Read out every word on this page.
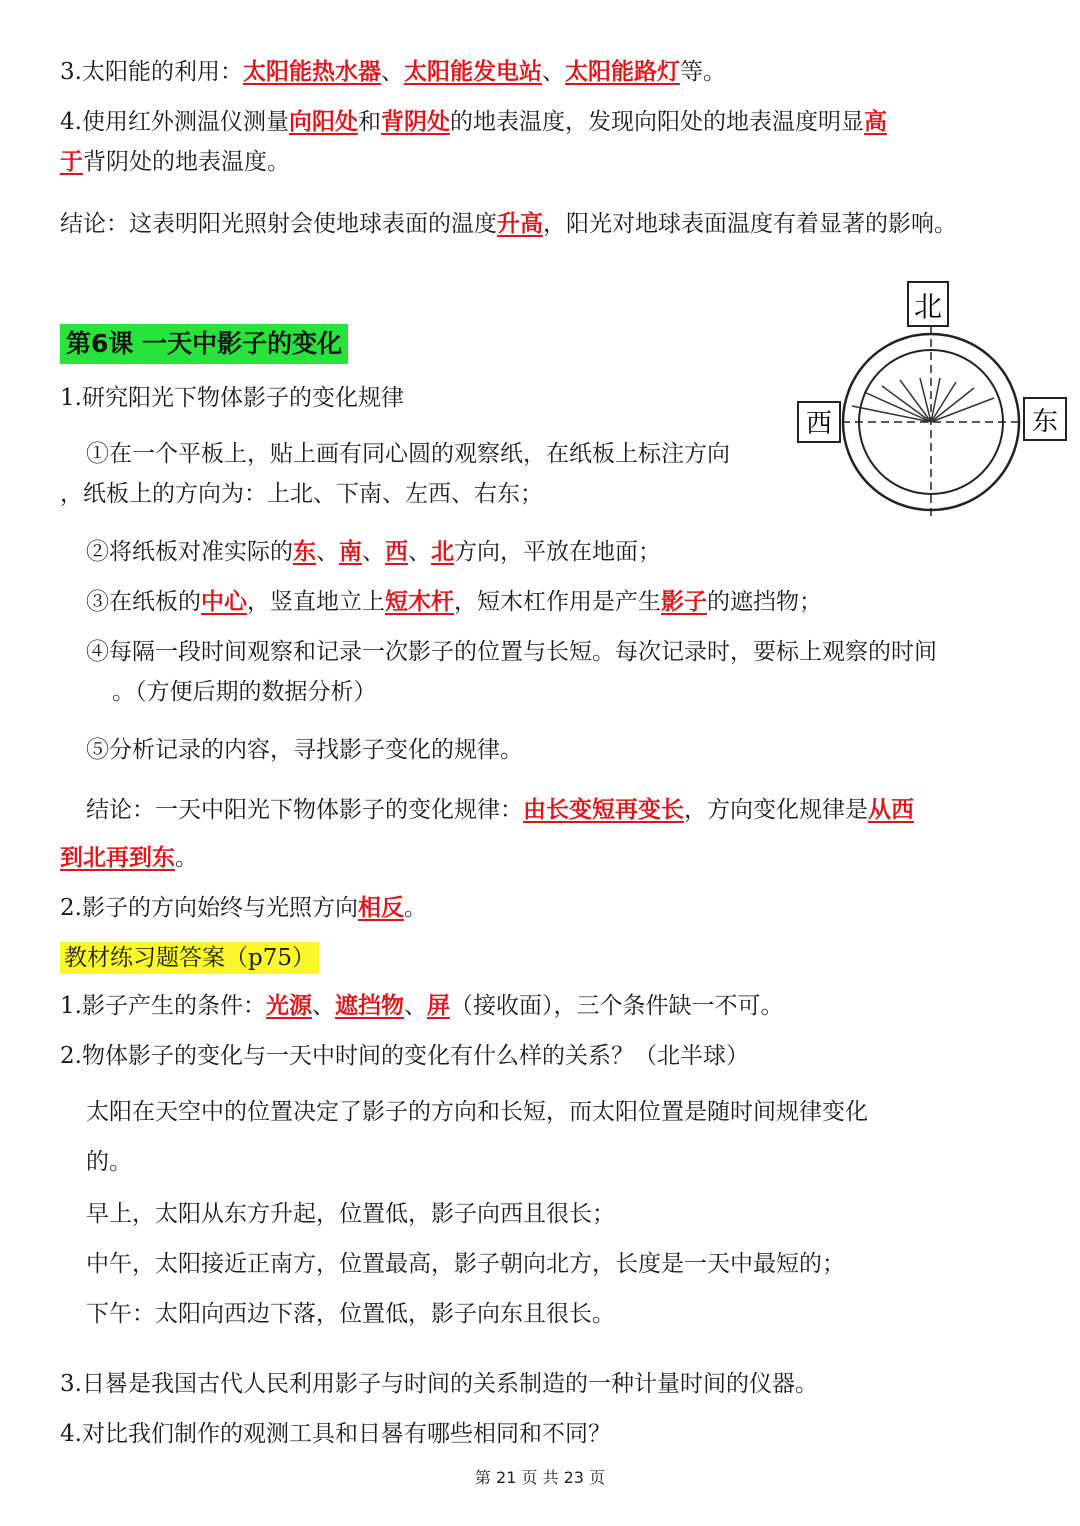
3.太阳能的利用：太阳能热水器、太阳能发电站、太阳能路灯等。
4.使用红外测温仪测量向阳处和背阴处的地表温度，发现向阳处的地表温度明显高
于背阴处的地表温度。
结论：这表明阳光照射会使地球表面的温度升高，阳光对地球表面温度有着显著的影响。
第6课 一天中影子的变化
北
西	东
1.研究阳光下物体影子的变化规律
①在一个平板上，贴上画有同心圆的观察纸，在纸板上标注方向
，纸板上的方向为：上北、下南、左西、右东；
②将纸板对准实际的东、南、西、北方向，平放在地面；
③在纸板的中心，竖直地立上短木杆，短木杠作用是产生影子的遮挡物；
④每隔一段时间观察和记录一次影子的位置与长短。每次记录时，要标上观察的时间
。（方便后期的数据分析）
⑤分析记录的内容，寻找影子变化的规律。
结论：一天中阳光下物体影子的变化规律：由长变短再变长，方向变化规律是从西
到北再到东。
2.影子的方向始终与光照方向相反。
教材练习题答案（p75）
1.影子产生的条件：光源、遮挡物、屏（接收面），三个条件缺一不可。
2.物体影子的变化与一天中时间的变化有什么样的关系？（北半球）
太阳在天空中的位置决定了影子的方向和长短，而太阳位置是随时间规律变化
的。
早上，太阳从东方升起，位置低，影子向西且很长；
中午，太阳接近正南方，位置最高，影子朝向北方，长度是一天中最短的；
下午：太阳向西边下落，位置低，影子向东且很长。
3.日晷是我国古代人民利用影子与时间的关系制造的一种计量时间的仪器。
4.对比我们制作的观测工具和日晷有哪些相同和不同？
第 21 页 共 23 页
